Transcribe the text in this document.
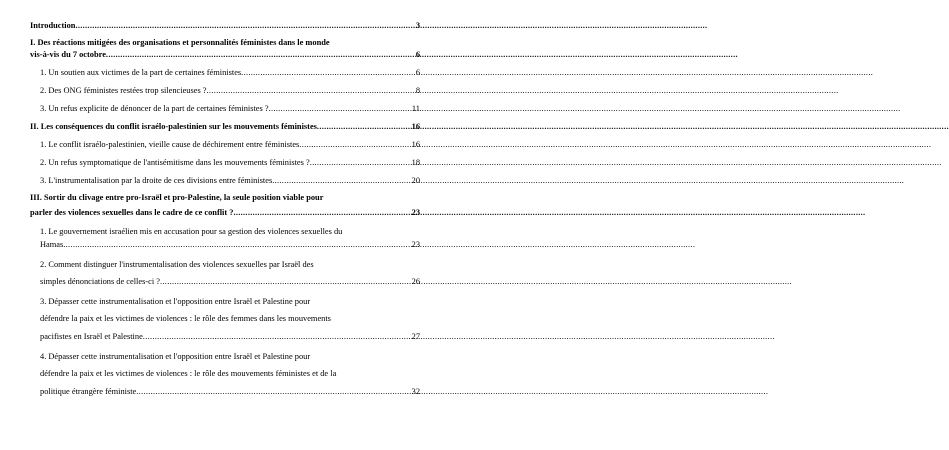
Introduction .....	3
I. Des réactions mitigées des organisations et personnalités féministes dans le monde
vis-à-vis du 7 octobre .....	6
1. Un soutien aux victimes de la part de certaines féministes .....	6
2. Des ONG féministes restées trop silencieuses ? .....	8
3. Un refus explicite de dénoncer de la part de certaines féministes ? .....	11
II. Les conséquences du conflit israélo-palestinien sur les mouvements féministes .....	16
1. Le conflit israélo-palestinien, vieille cause de déchirement entre féministes .....	16
2. Un refus symptomatique de l'antisémitisme dans les mouvements féministes ? .....	18
3. L'instrumentalisation par la droite de ces divisions entre féministes .....	20
III. Sortir du clivage entre pro-Israël et pro-Palestine, la seule position viable pour
parler des violences sexuelles dans le cadre de ce conflit ? .....	23
1. Le gouvernement israélien mis en accusation pour sa gestion des violences sexuelles du
Hamas .....	23
2. Comment distinguer l'instrumentalisation des violences sexuelles par Israël des
simples dénonciations de celles-ci ? .....	26
3. Dépasser cette instrumentalisation et l'opposition entre Israël et Palestine pour
défendre la paix et les victimes de violences : le rôle des femmes dans les mouvements
pacifistes en Israël et Palestine .....	27
4. Dépasser cette instrumentalisation et l'opposition entre Israël et Palestine pour
défendre la paix et les victimes de violences : le rôle des mouvements féministes et de la
politique étrangère féministe .....	32
